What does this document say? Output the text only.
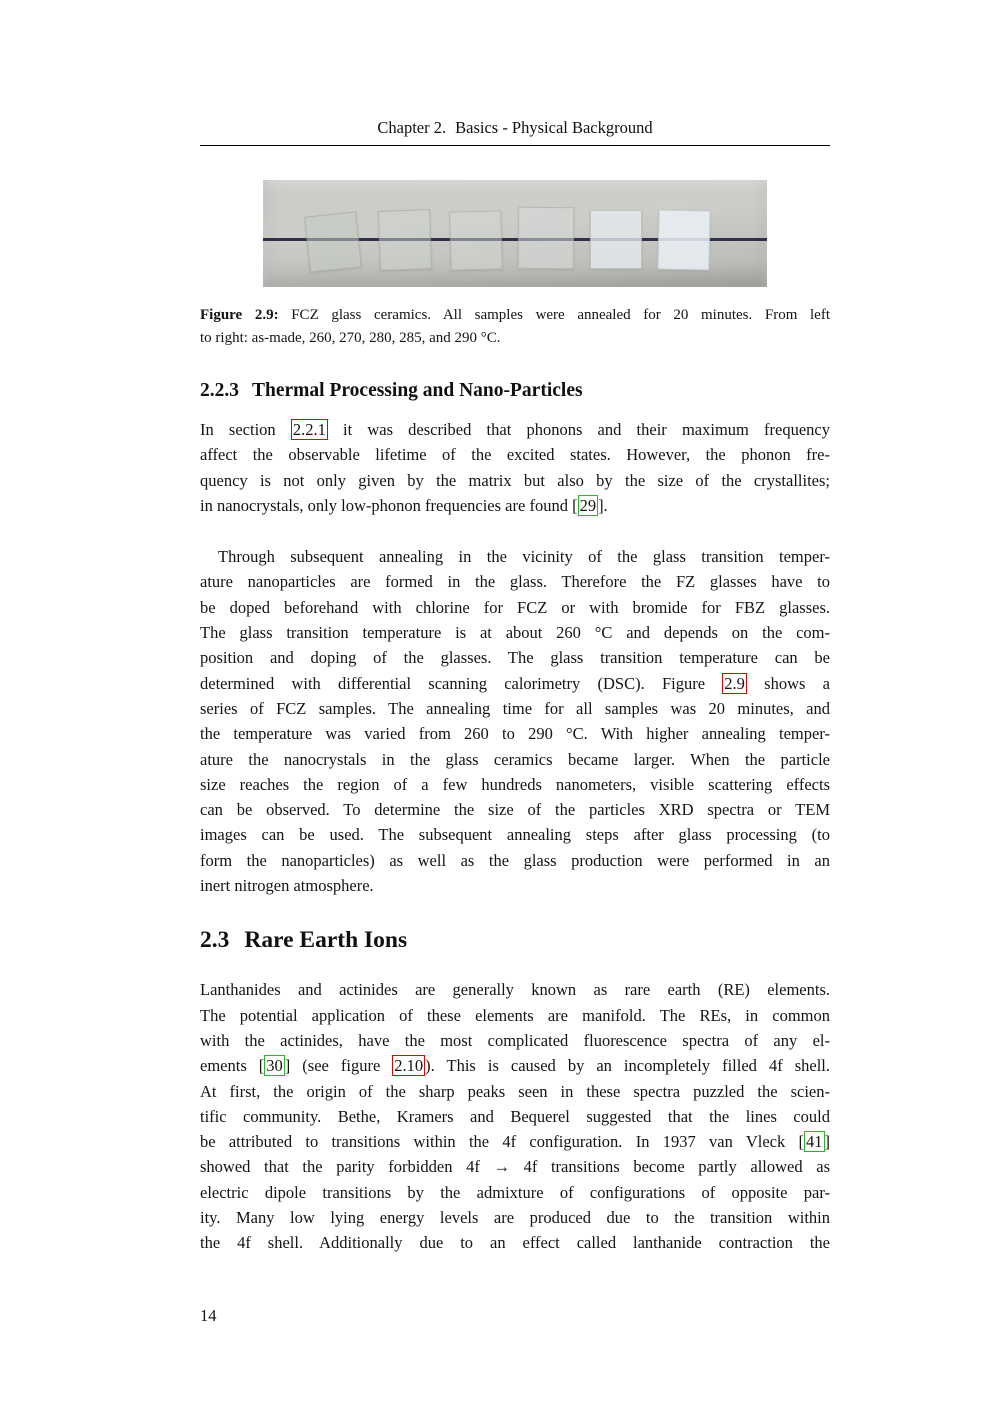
Chapter 2. Basics - Physical Background
Figure 2.9: FCZ glass ceramics. All samples were annealed for 20 minutes. From left
to right: as-made, 260, 270, 280, 285, and 290 °C.
2.2.3 Thermal Processing and Nano-Particles
In section 2.2.1 it was described that phonons and their maximum frequency
affect the observable lifetime of the excited states. However, the phonon fre-
quency is not only given by the matrix but also by the size of the crystallites;
in nanocrystals, only low-phonon frequencies are found [ 29 ].
Through subsequent annealing in the vicinity of the glass transition temper-
ature nanoparticles are formed in the glass. Therefore the FZ glasses have to
be doped beforehand with chlorine for FCZ or with bromide for FBZ glasses.
The glass transition temperature is at about 260 °C and depends on the com-
position and doping of the glasses. The glass transition temperature can be
determined with differential scanning calorimetry (DSC). Figure 2.9 shows a
series of FCZ samples. The annealing time for all samples was 20 minutes, and
the temperature was varied from 260 to 290 °C. With higher annealing temper-
ature the nanocrystals in the glass ceramics became larger. When the particle
size reaches the region of a few hundreds nanometers, visible scattering effects
can be observed. To determine the size of the particles XRD spectra or TEM
images can be used. The subsequent annealing steps after glass processing (to
form the nanoparticles) as well as the glass production were performed in an
inert nitrogen atmosphere.
2.3 Rare Earth Ions
Lanthanides and actinides are generally known as rare earth (RE) elements.
The potential application of these elements are manifold. The REs, in common
with the actinides, have the most complicated fluorescence spectra of any el-
ements [ 30 ] (see figure 2.10 ). This is caused by an incompletely filled 4f shell.
At first, the origin of the sharp peaks seen in these spectra puzzled the scien-
tific community. Bethe, Kramers and Bequerel suggested that the lines could
be attributed to transitions within the 4f configuration. In 1937 van Vleck [ 41 ]
showed that the parity forbidden 4f → 4f transitions become partly allowed as
electric dipole transitions by the admixture of configurations of opposite par-
ity. Many low lying energy levels are produced due to the transition within
the 4f shell. Additionally due to an effect called lanthanide contraction the
14
